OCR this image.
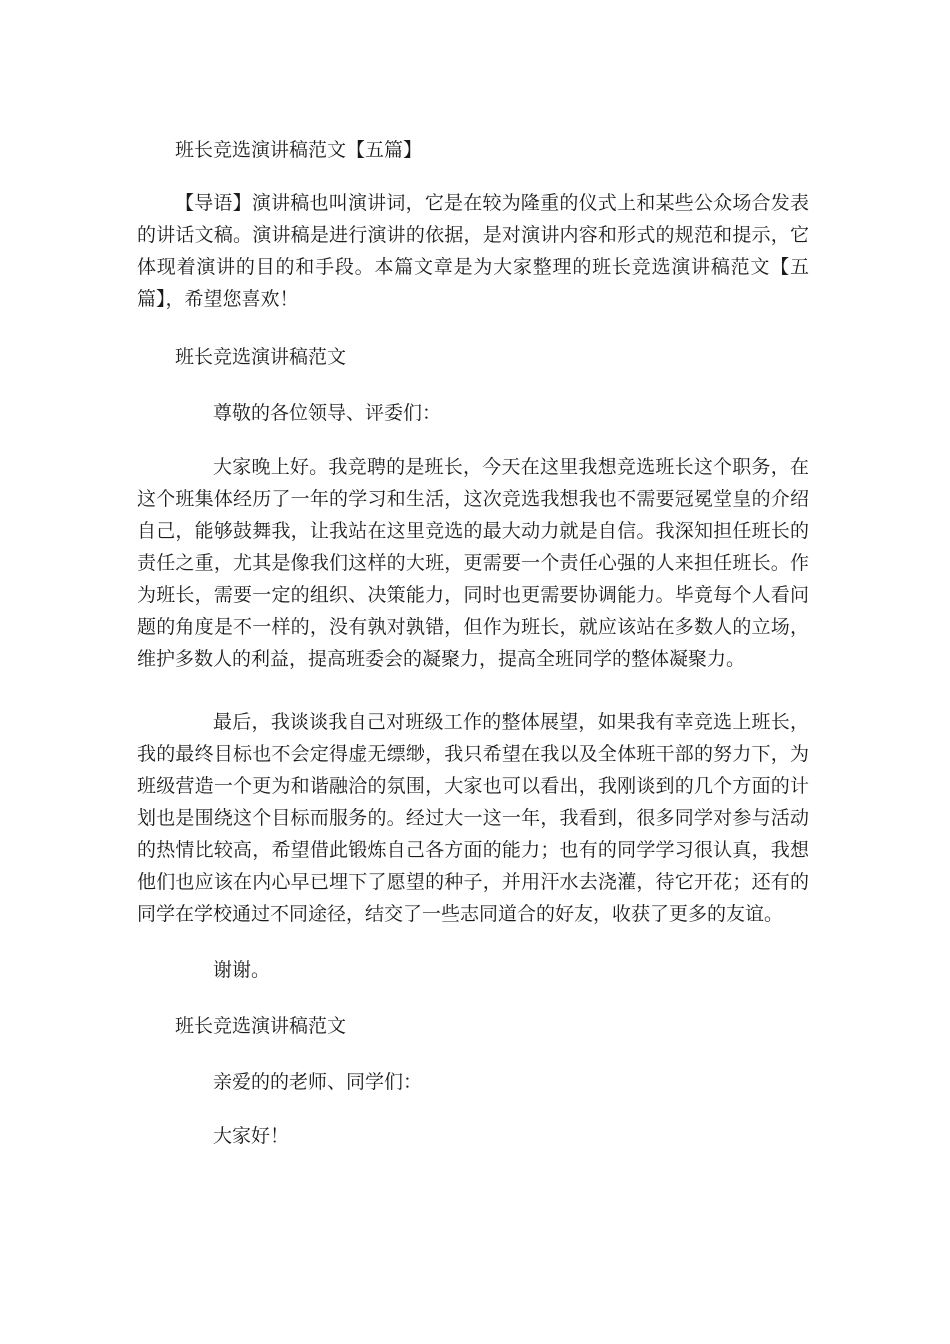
班长竞选演讲稿范文【五篇】

【导语】演讲稿也叫演讲词，它是在较为隆重的仪式上和某些公众场合发表的讲话文稿。演讲稿是进行演讲的依据，是对演讲内容和形式的规范和提示，它体现着演讲的目的和手段。本篇文章是为大家整理的班长竞选演讲稿范文【五篇】，希望您喜欢！

班长竞选演讲稿范文

尊敬的各位领导、评委们：

大家晚上好。我竞聘的是班长，今天在这里我想竞选班长这个职务，在这个班集体经历了一年的学习和生活，这次竞选我想我也不需要冠冕堂皇的介绍自己，能够鼓舞我，让我站在这里竞选的最大动力就是自信。我深知担任班长的责任之重，尤其是像我们这样的大班，更需要一个责任心强的人来担任班长。作为班长，需要一定的组织、决策能力，同时也更需要协调能力。毕竟每个人看问题的角度是不一样的，没有孰对孰错，但作为班长，就应该站在多数人的立场，维护多数人的利益，提高班委会的凝聚力，提高全班同学的整体凝聚力。

最后，我谈谈我自己对班级工作的整体展望，如果我有幸竞选上班长，我的最终目标也不会定得虚无缥缈，我只希望在我以及全体班干部的努力下，为班级营造一个更为和谐融洽的氛围，大家也可以看出，我刚谈到的几个方面的计划也是围绕这个目标而服务的。经过大一这一年，我看到，很多同学对参与活动的热情比较高，希望借此锻炼自己各方面的能力；也有的同学学习很认真，我想他们也应该在内心早已埋下了愿望的种子，并用汗水去浇灌，待它开花；还有的同学在学校通过不同途径，结交了一些志同道合的好友，收获了更多的友谊。

谢谢。

班长竞选演讲稿范文

亲爱的的老师、同学们：

大家好！
